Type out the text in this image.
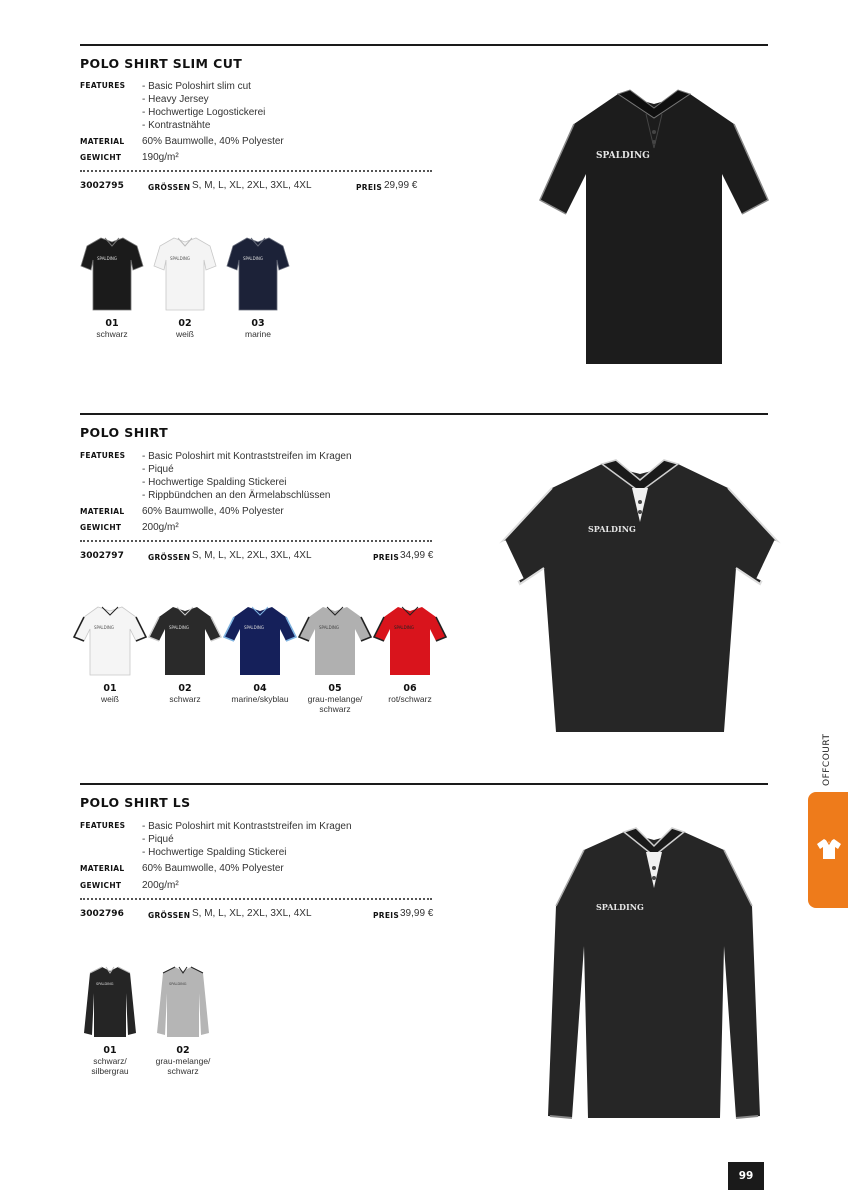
POLO SHIRT SLIM CUT
FEATURES - Basic Poloshirt slim cut
- Heavy Jersey
- Hochwertige Logostickerei
- Kontrastnähte
MATERIAL 60% Baumwolle, 40% Polyester
GEWICHT 190g/m²
3002795	GRÖSSEN S, M, L, XL, 2XL, 3XL, 4XL	PREIS 29,99 €
SPALDING
01
schwarz
SPALDING
02
weiß
SPALDING
03
marine
SPALDING
POLO SHIRT
FEATURES - Basic Poloshirt mit Kontraststreifen im Kragen
- Piqué
- Hochwertige Spalding Stickerei
- Rippbündchen an den Ärmelabschlüssen
MATERIAL 60% Baumwolle, 40% Polyester
GEWICHT 200g/m²
3002797	GRÖSSEN S, M, L, XL, 2XL, 3XL, 4XL	PREIS 34,99 €
SPALDING
01
weiß
SPALDING
02
schwarz
SPALDING
04
marine/skyblau
SPALDING
05
grau-melange/ schwarz
SPALDING
06
rot/schwarz
SPALDING
POLO SHIRT LS
FEATURES - Basic Poloshirt mit Kontraststreifen im Kragen
- Piqué
- Hochwertige Spalding Stickerei
MATERIAL 60% Baumwolle, 40% Polyester
GEWICHT 200g/m²
3002796	GRÖSSEN S, M, L, XL, 2XL, 3XL, 4XL	PREIS 39,99 €
SPALDING
01
schwarz/ silbergrau
SPALDING
02
grau-melange/ schwarz
SPALDING
OFFCOURT
99
